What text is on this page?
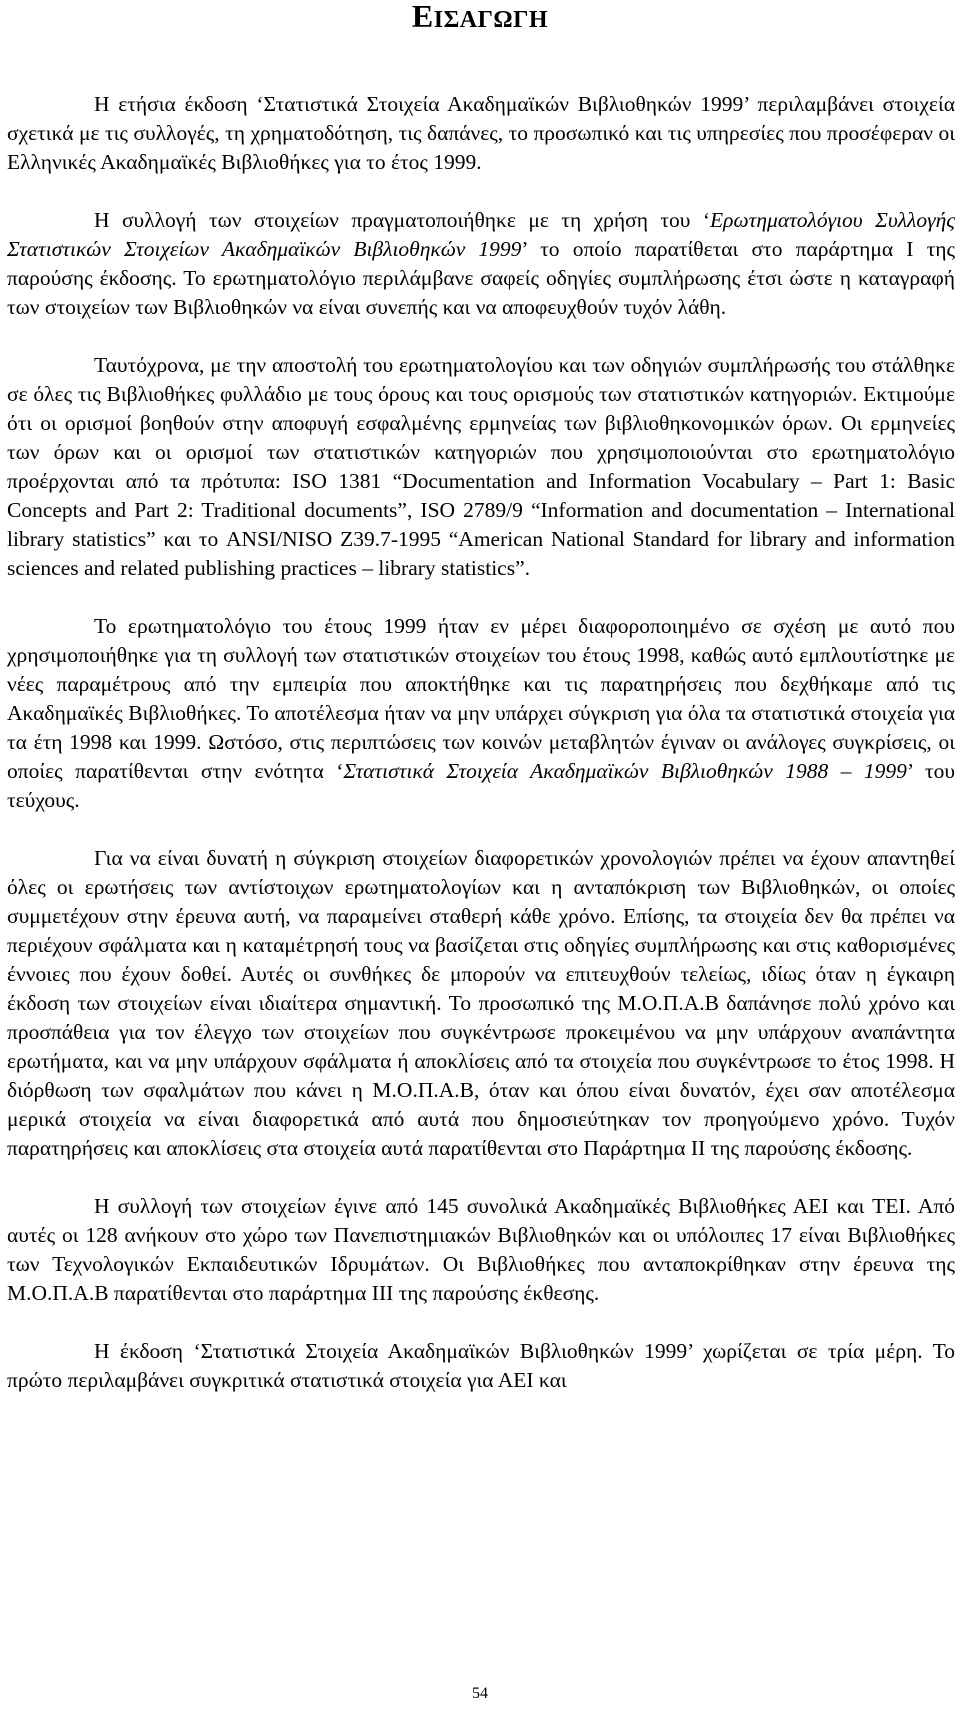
ΕΙΣΑΓΩΓΗ

Η ετήσια έκδοση ‘Στατιστικά Στοιχεία Ακαδημαϊκών Βιβλιοθηκών 1999’ περιλαμβάνει στοιχεία σχετικά με τις συλλογές, τη χρηματοδότηση, τις δαπάνες, το προσωπικό και τις υπηρεσίες που προσέφεραν οι Ελληνικές Ακαδημαϊκές Βιβλιοθήκες για το έτος 1999.

Η συλλογή των στοιχείων πραγματοποιήθηκε με τη χρήση του ‘Ερωτηματολόγιου Συλλογής Στατιστικών Στοιχείων Ακαδημαϊκών Βιβλιοθηκών 1999’ το οποίο παρατίθεται στο παράρτημα Ι της παρούσης έκδοσης. Το ερωτηματολόγιο περιλάμβανε σαφείς οδηγίες συμπλήρωσης έτσι ώστε η καταγραφή των στοιχείων των Βιβλιοθηκών να είναι συνεπής και να αποφευχθούν τυχόν λάθη.

Ταυτόχρονα, με την αποστολή του ερωτηματολογίου και των οδηγιών συμπλήρωσής του στάλθηκε σε όλες τις Βιβλιοθήκες φυλλάδιο με τους όρους και τους ορισμούς των στατιστικών κατηγοριών. Εκτιμούμε ότι οι ορισμοί βοηθούν στην αποφυγή εσφαλμένης ερμηνείας των βιβλιοθηκονομικών όρων. Οι ερμηνείες των όρων και οι ορισμοί των στατιστικών κατηγοριών που χρησιμοποιούνται στο ερωτηματολόγιο προέρχονται από τα πρότυπα: ISO 1381 “Documentation and Information Vocabulary – Part 1: Basic Concepts and Part 2: Traditional documents”, ISO 2789/9 “Information and documentation – International library statistics” και το ANSI/NISO Z39.7-1995 “American National Standard for library and information sciences and related publishing practices – library statistics”.

Το ερωτηματολόγιο του έτους 1999 ήταν εν μέρει διαφοροποιημένο σε σχέση με αυτό που χρησιμοποιήθηκε για τη συλλογή των στατιστικών στοιχείων του έτους 1998, καθώς αυτό εμπλουτίστηκε με νέες παραμέτρους από την εμπειρία που αποκτήθηκε και τις παρατηρήσεις που δεχθήκαμε από τις Ακαδημαϊκές Βιβλιοθήκες. Το αποτέλεσμα ήταν να μην υπάρχει σύγκριση για όλα τα στατιστικά στοιχεία για τα έτη 1998 και 1999. Ωστόσο, στις περιπτώσεις των κοινών μεταβλητών έγιναν οι ανάλογες συγκρίσεις, οι οποίες παρατίθενται στην ενότητα ‘Στατιστικά Στοιχεία Ακαδημαϊκών Βιβλιοθηκών 1988 – 1999’ του τεύχους.

Για να είναι δυνατή η σύγκριση στοιχείων διαφορετικών χρονολογιών πρέπει να έχουν απαντηθεί όλες οι ερωτήσεις των αντίστοιχων ερωτηματολογίων και η ανταπόκριση των Βιβλιοθηκών, οι οποίες συμμετέχουν στην έρευνα αυτή, να παραμείνει σταθερή κάθε χρόνο. Επίσης, τα στοιχεία δεν θα πρέπει να περιέχουν σφάλματα και η καταμέτρησή τους να βασίζεται στις οδηγίες συμπλήρωσης και στις καθορισμένες έννοιες που έχουν δοθεί. Αυτές οι συνθήκες δε μπορούν να επιτευχθούν τελείως, ιδίως όταν η έγκαιρη έκδοση των στοιχείων είναι ιδιαίτερα σημαντική. Το προσωπικό της Μ.Ο.Π.Α.Β δαπάνησε πολύ χρόνο και προσπάθεια για τον έλεγχο των στοιχείων που συγκέντρωσε προκειμένου να μην υπάρχουν αναπάντητα ερωτήματα, και να μην υπάρχουν σφάλματα ή αποκλίσεις από τα στοιχεία που συγκέντρωσε το έτος 1998. Η διόρθωση των σφαλμάτων που κάνει η Μ.Ο.Π.Α.Β, όταν και όπου είναι δυνατόν, έχει σαν αποτέλεσμα μερικά στοιχεία να είναι διαφορετικά από αυτά που δημοσιεύτηκαν τον προηγούμενο χρόνο. Τυχόν παρατηρήσεις και αποκλίσεις στα στοιχεία αυτά παρατίθενται στο Παράρτημα ΙΙ της παρούσης έκδοσης.

Η συλλογή των στοιχείων έγινε από 145 συνολικά Ακαδημαϊκές Βιβλιοθήκες ΑΕΙ και ΤΕΙ. Από αυτές οι 128 ανήκουν στο χώρο των Πανεπιστημιακών Βιβλιοθηκών και οι υπόλοιπες 17 είναι Βιβλιοθήκες των Τεχνολογικών Εκπαιδευτικών Ιδρυμάτων. Οι Βιβλιοθήκες που ανταποκρίθηκαν στην έρευνα της Μ.Ο.Π.Α.Β παρατίθενται στο παράρτημα ΙΙΙ της παρούσης έκθεσης.

Η έκδοση ‘Στατιστικά Στοιχεία Ακαδημαϊκών Βιβλιοθηκών 1999’ χωρίζεται σε τρία μέρη. Το πρώτο περιλαμβάνει συγκριτικά στατιστικά στοιχεία για ΑΕΙ και

54
